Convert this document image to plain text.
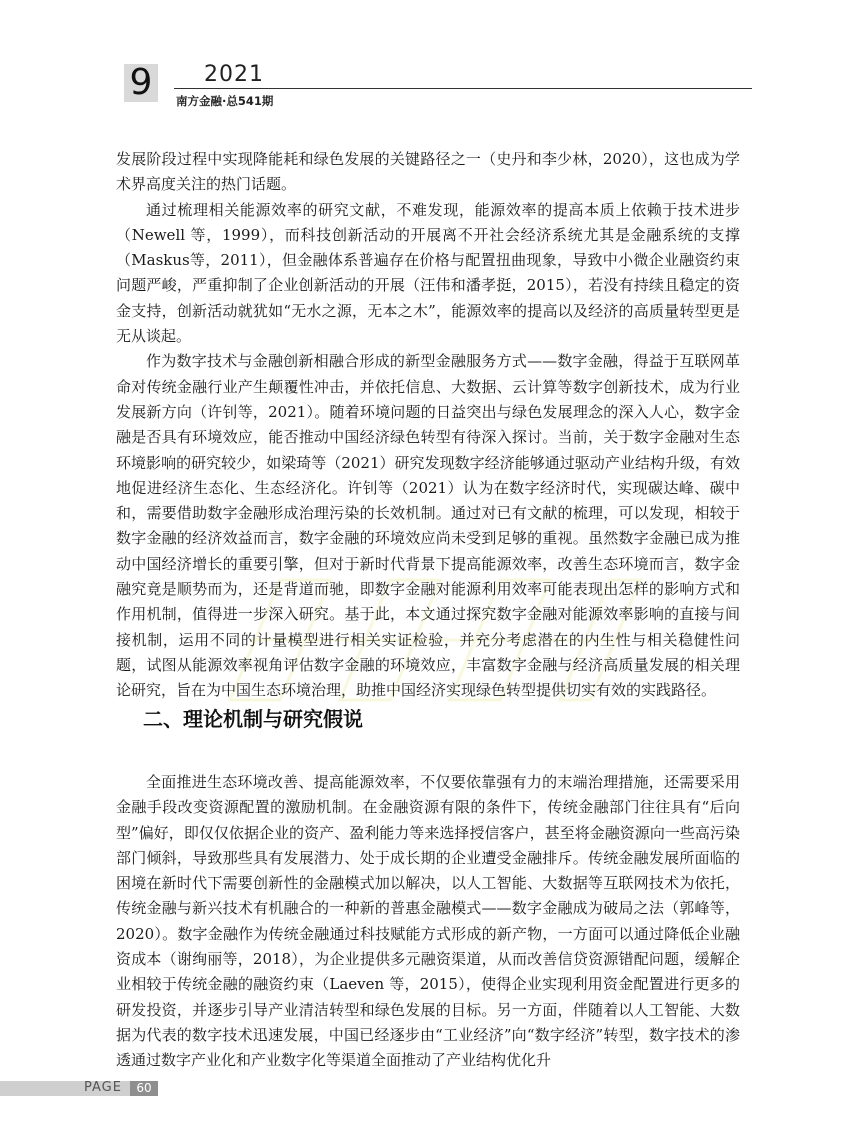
9 2021
南方金融·总541期

发展阶段过程中实现降能耗和绿色发展的关键路径之一（史丹和李少林，2020），这也成为学术界高度关注的热门话题。

通过梳理相关能源效率的研究文献，不难发现，能源效率的提高本质上依赖于技术进步（Newell 等，1999），而科技创新活动的开展离不开社会经济系统尤其是金融系统的支撑（Maskus等，2011），但金融体系普遍存在价格与配置扭曲现象，导致中小微企业融资约束问题严峻，严重抑制了企业创新活动的开展（汪伟和潘孝挺，2015），若没有持续且稳定的资金支持，创新活动就犹如“无水之源，无本之木”，能源效率的提高以及经济的高质量转型更是无从谈起。

作为数字技术与金融创新相融合形成的新型金融服务方式——数字金融，得益于互联网革命对传统金融行业产生颠覆性冲击，并依托信息、大数据、云计算等数字创新技术，成为行业发展新方向（许钊等，2021）。随着环境问题的日益突出与绿色发展理念的深入人心，数字金融是否具有环境效应，能否推动中国经济绿色转型有待深入探讨。当前，关于数字金融对生态环境影响的研究较少，如梁琦等（2021）研究发现数字经济能够通过驱动产业结构升级，有效地促进经济生态化、生态经济化。许钊等（2021）认为在数字经济时代，实现碳达峰、碳中和，需要借助数字金融形成治理污染的长效机制。通过对已有文献的梳理，可以发现，相较于数字金融的经济效益而言，数字金融的环境效应尚未受到足够的重视。虽然数字金融已成为推动中国经济增长的重要引擎，但对于新时代背景下提高能源效率，改善生态环境而言，数字金融究竟是顺势而为，还是背道而驰，即数字金融对能源利用效率可能表现出怎样的影响方式和作用机制，值得进一步深入研究。基于此，本文通过探究数字金融对能源效率影响的直接与间接机制，运用不同的计量模型进行相关实证检验，并充分考虑潜在的内生性与相关稳健性问题，试图从能源效率视角评估数字金融的环境效应，丰富数字金融与经济高质量发展的相关理论研究，旨在为中国生态环境治理，助推中国经济实现绿色转型提供切实有效的实践路径。

二、理论机制与研究假说

全面推进生态环境改善、提高能源效率，不仅要依靠强有力的末端治理措施，还需要采用金融手段改变资源配置的激励机制。在金融资源有限的条件下，传统金融部门往往具有“后向型”偏好，即仅仅依据企业的资产、盈利能力等来选择授信客户，甚至将金融资源向一些高污染部门倾斜，导致那些具有发展潜力、处于成长期的企业遭受金融排斥。传统金融发展所面临的困境在新时代下需要创新性的金融模式加以解决，以人工智能、大数据等互联网技术为依托，传统金融与新兴技术有机融合的一种新的普惠金融模式——数字金融成为破局之法（郭峰等，2020）。数字金融作为传统金融通过科技赋能方式形成的新产物，一方面可以通过降低企业融资成本（谢绚丽等，2018），为企业提供多元融资渠道，从而改善信贷资源错配问题，缓解企业相较于传统金融的融资约束（Laeven 等，2015），使得企业实现利用资金配置进行更多的研发投资，并逐步引导产业清洁转型和绿色发展的目标。另一方面，伴随着以人工智能、大数据为代表的数字技术迅速发展，中国已经逐步由“工业经济”向“数字经济”转型，数字技术的渗透通过数字产业化和产业数字化等渠道全面推动了产业结构优化升

PAGE	60
